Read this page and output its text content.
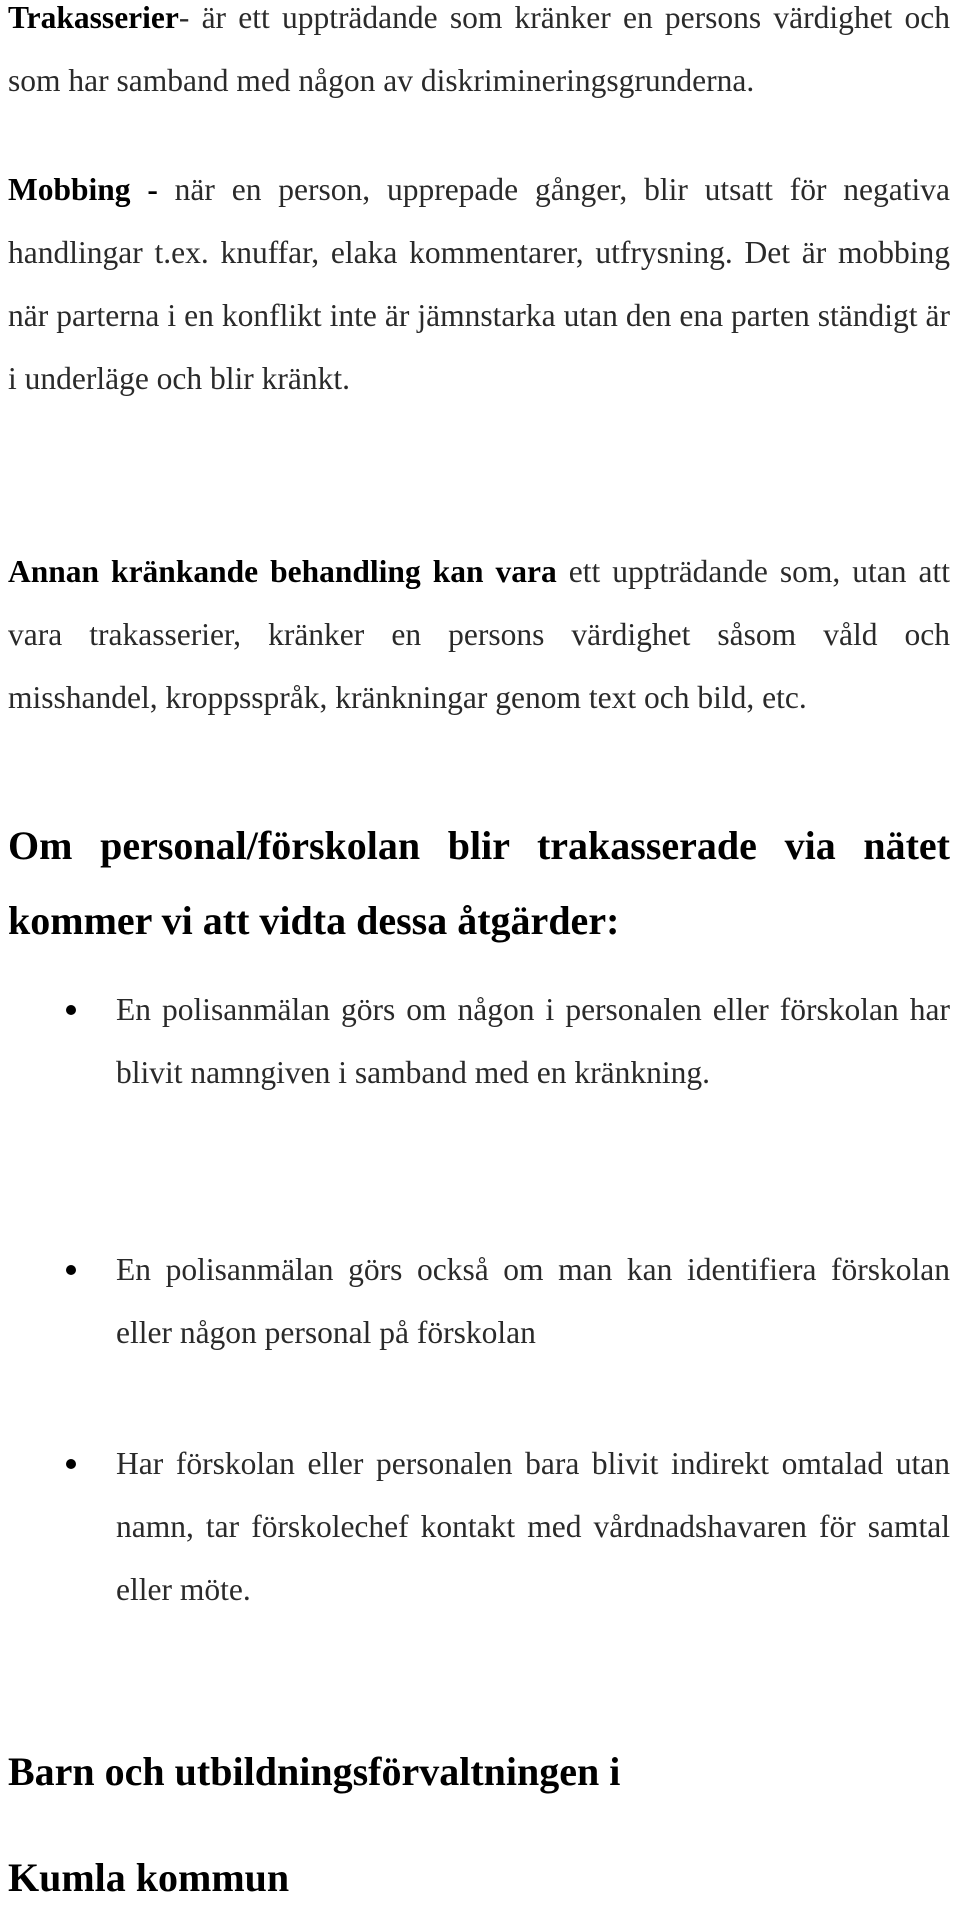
Trakasserier- är ett uppträdande som kränker en persons värdighet och som har samband med någon av diskrimineringsgrunderna.

Mobbing - när en person, upprepade gånger, blir utsatt för negativa handlingar t.ex. knuffar, elaka kommentarer, utfrysning. Det är mobbing när parterna i en konflikt inte är jämnstarka utan den ena parten ständigt är i underläge och blir kränkt.

Annan kränkande behandling kan vara ett uppträdande som, utan att vara trakasserier, kränker en persons värdighet såsom våld och misshandel, kroppsspråk, kränkningar genom text och bild, etc.

Om personal/förskolan blir trakasserade via nätet kommer vi att vidta dessa åtgärder:

En polisanmälan görs om någon i personalen eller förskolan har blivit namngiven i samband med en kränkning.

En polisanmälan görs också om man kan identifiera förskolan eller någon personal på förskolan

Har förskolan eller personalen bara blivit indirekt omtalad utan namn, tar förskolechef kontakt med vårdnadshavaren för samtal eller möte.

Barn och utbildningsförvaltningen i

Kumla kommun
